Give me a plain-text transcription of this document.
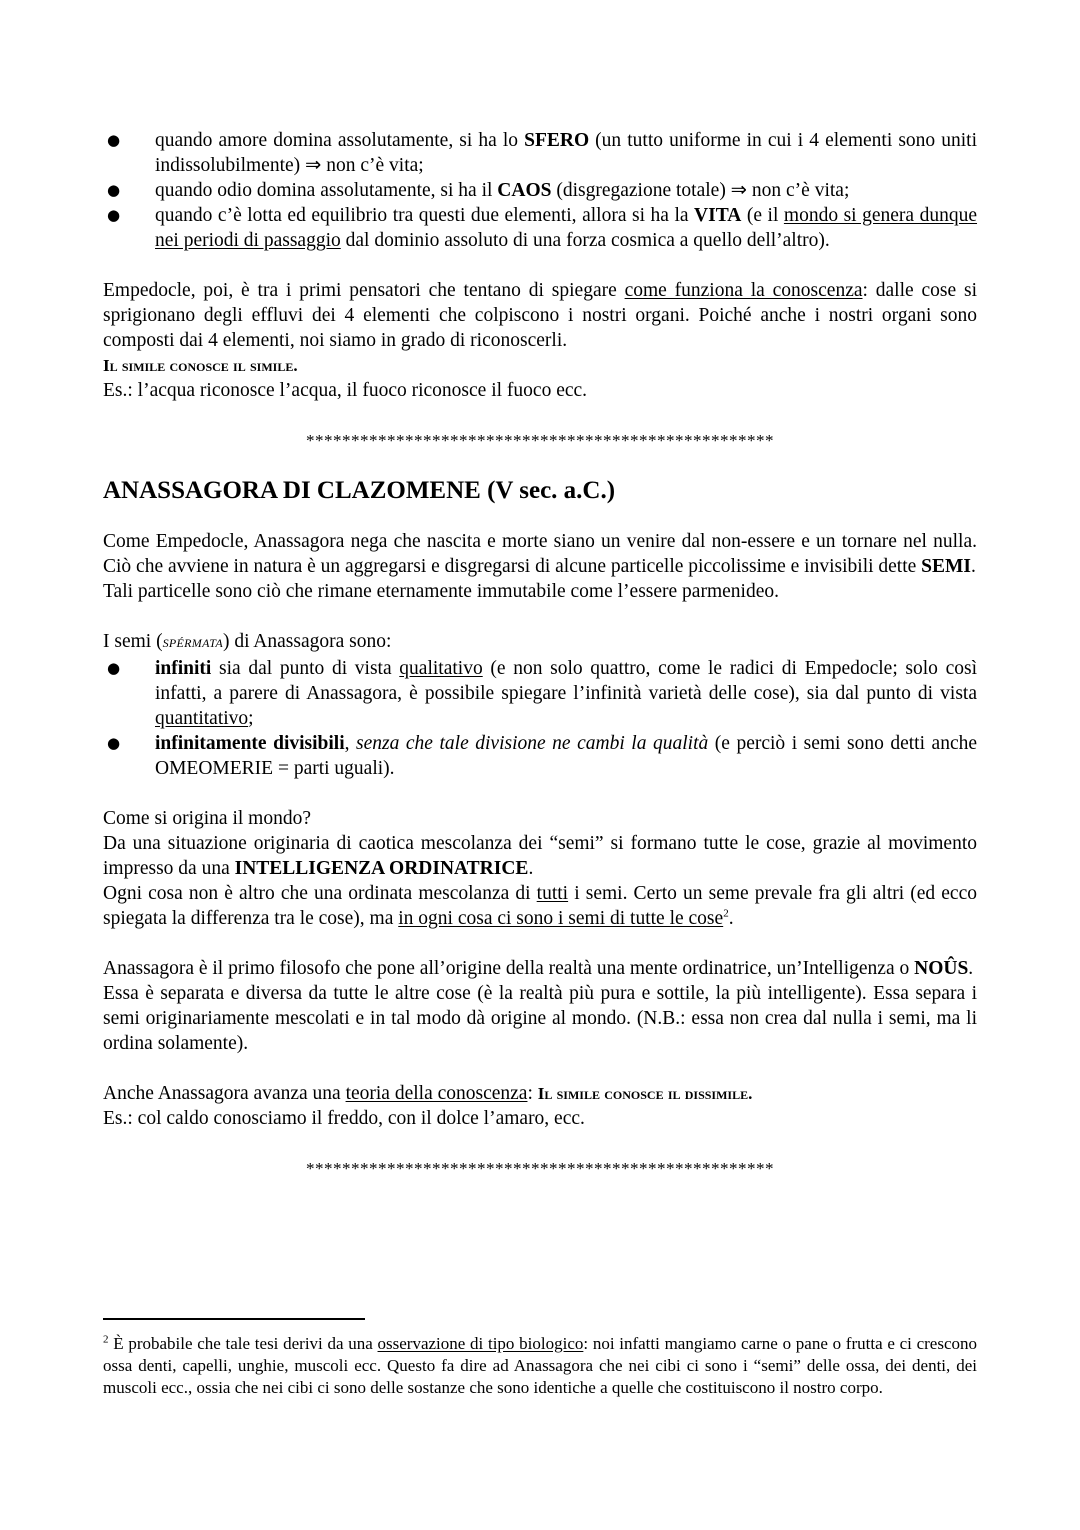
● quando amore domina assolutamente, si ha lo SFERO (un tutto uniforme in cui i 4 elementi sono uniti indissolubilmente) ⇒ non c’è vita;
● quando odio domina assolutamente, si ha il CAOS (disgregazione totale) ⇒ non c’è vita;
● quando c’è lotta ed equilibrio tra questi due elementi, allora si ha la VITA (e il mondo si genera dunque nei periodi di passaggio dal dominio assoluto di una forza cosmica a quello dell’altro).

Empedocle, poi, è tra i primi pensatori che tentano di spiegare come funziona la conoscenza: dalle cose si sprigionano degli effluvi dei 4 elementi che colpiscono i nostri organi. Poiché anche i nostri organi sono composti dai 4 elementi, noi siamo in grado di riconoscerli.

Il simile conosce il simile.

Es.: l’acqua riconosce l’acqua, il fuoco riconosce il fuoco ecc.

****************************************************

ANASSAGORA DI CLAZOMENE (V sec. a.C.)

Come Empedocle, Anassagora nega che nascita e morte siano un venire dal non-essere e un tornare nel nulla. Ciò che avviene in natura è un aggregarsi e disgregarsi di alcune particelle piccolissime e invisibili dette SEMI.

Tali particelle sono ciò che rimane eternamente immutabile come l’essere parmenideo.

I semi (SPÉRMATA) di Anassagora sono:

● infiniti sia dal punto di vista qualitativo (e non solo quattro, come le radici di Empedocle; solo così infatti, a parere di Anassagora, è possibile spiegare l’infinità varietà delle cose), sia dal punto di vista quantitativo;
● infinitamente divisibili, senza che tale divisione ne cambi la qualità (e perciò i semi sono detti anche OMEOMERIE = parti uguali).

Come si origina il mondo?

Da una situazione originaria di caotica mescolanza dei “semi” si formano tutte le cose, grazie al movimento impresso da una INTELLIGENZA ORDINATRICE.

Ogni cosa non è altro che una ordinata mescolanza di tutti i semi. Certo un seme prevale fra gli altri (ed ecco spiegata la differenza tra le cose), ma in ogni cosa ci sono i semi di tutte le cose$^2$.

Anassagora è il primo filosofo che pone all’origine della realtà una mente ordinatrice, un’Intelligenza o NOÛS.

Essa è separata e diversa da tutte le altre cose (è la realtà più pura e sottile, la più intelligente). Essa separa i semi originariamente mescolati e in tal modo dà origine al mondo. (N.B.: essa non crea dal nulla i semi, ma li ordina solamente).

Anche Anassagora avanza una teoria della conoscenza: Il simile conosce il dissimile.

Es.: col caldo conosciamo il freddo, con il dolce l’amaro, ecc.

****************************************************

$^2$ È probabile che tale tesi derivi da una osservazione di tipo biologico: noi infatti mangiamo carne o pane o frutta e ci crescono ossa denti, capelli, unghie, muscoli ecc. Questo fa dire ad Anassagora che nei cibi ci sono i “semi” delle ossa, dei denti, dei muscoli ecc., ossia che nei cibi ci sono delle sostanze che sono identiche a quelle che costituiscono il nostro corpo.
